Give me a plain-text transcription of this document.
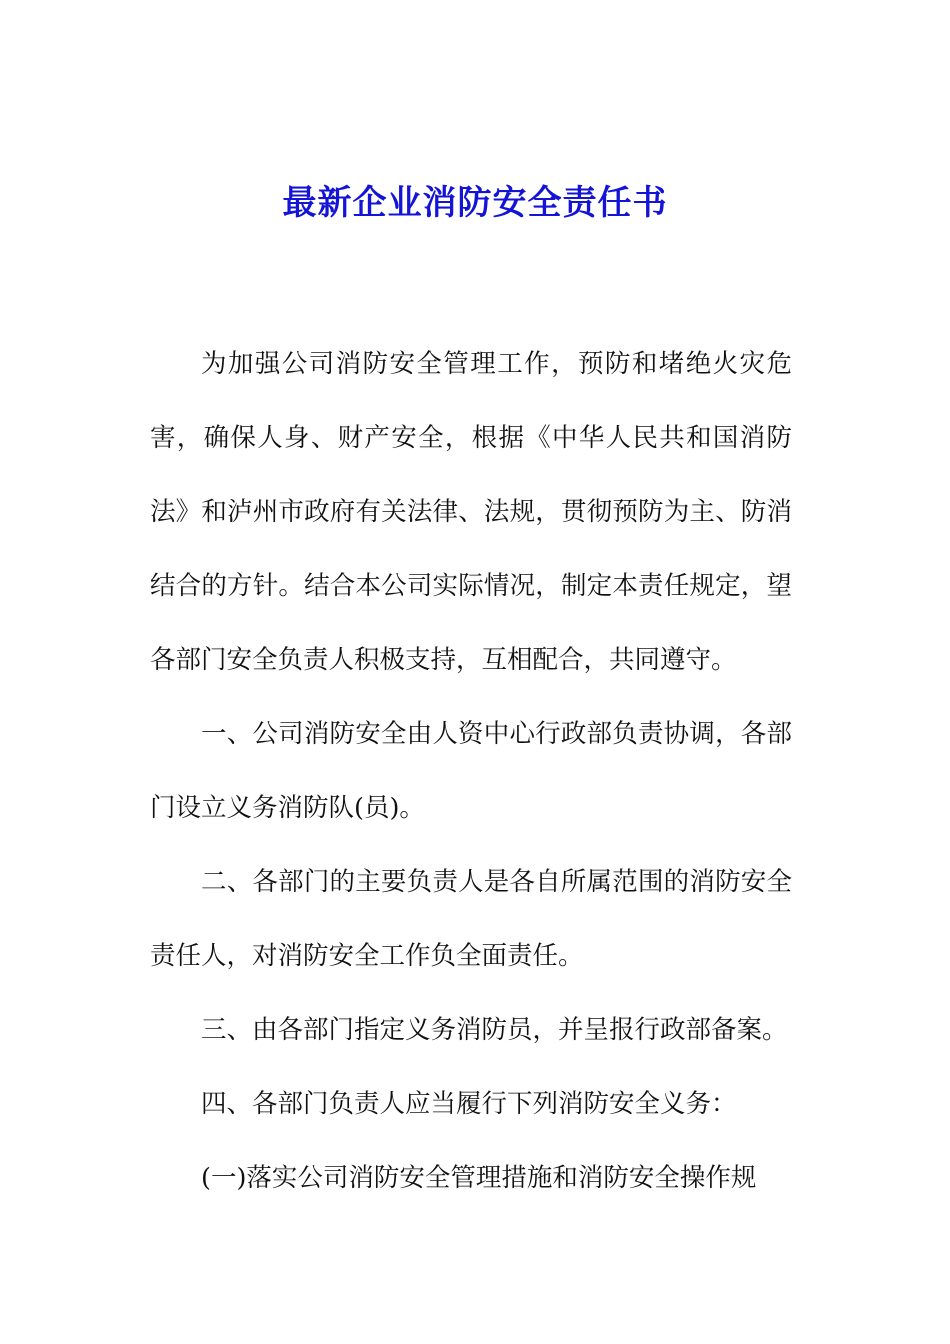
最新企业消防安全责任书

为加强公司消防安全管理工作，预防和堵绝火灾危害，确保人身、财产安全，根据《中华人民共和国消防法》和泸州市政府有关法律、法规，贯彻预防为主、防消结合的方针。结合本公司实际情况，制定本责任规定，望各部门安全负责人积极支持，互相配合，共同遵守。

一、公司消防安全由人资中心行政部负责协调，各部门设立义务消防队(员)。

二、各部门的主要负责人是各自所属范围的消防安全责任人，对消防安全工作负全面责任。

三、由各部门指定义务消防员，并呈报行政部备案。

四、各部门负责人应当履行下列消防安全义务：

(一)落实公司消防安全管理措施和消防安全操作规
